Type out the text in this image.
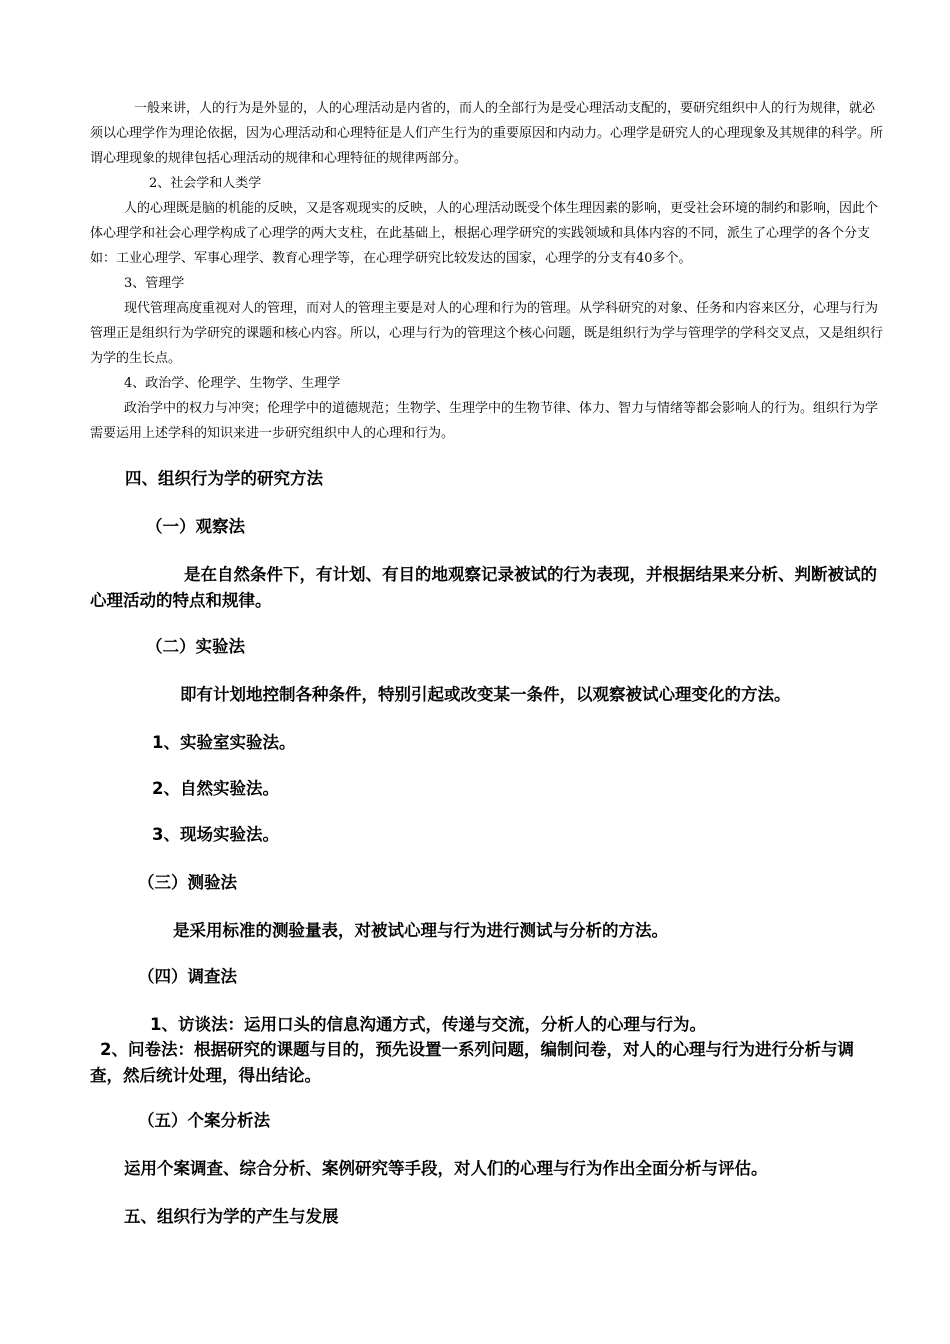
一般来讲，人的行为是外显的，人的心理活动是内省的，而人的全部行为是受心理活动支配的，要研究组织中人的行为规律，就必须以心理学作为理论依据，因为心理活动和心理特征是人们产生行为的重要原因和内动力。心理学是研究人的心理现象及其规律的科学。所谓心理现象的规律包括心理活动的规律和心理特征的规律两部分。

2、社会学和人类学

人的心理既是脑的机能的反映，又是客观现实的反映，人的心理活动既受个体生理因素的影响，更受社会环境的制约和影响，因此个体心理学和社会心理学构成了心理学的两大支柱，在此基础上，根据心理学研究的实践领域和具体内容的不同，派生了心理学的各个分支如：工业心理学、军事心理学、教育心理学等，在心理学研究比较发达的国家，心理学的分支有40多个。

3、管理学

现代管理高度重视对人的管理，而对人的管理主要是对人的心理和行为的管理。从学科研究的对象、任务和内容来区分，心理与行为管理正是组织行为学研究的课题和核心内容。所以，心理与行为的管理这个核心问题，既是组织行为学与管理学的学科交叉点，又是组织行为学的生长点。

4、政治学、伦理学、生物学、生理学

政治学中的权力与冲突；伦理学中的道德规范；生物学、生理学中的生物节律、体力、智力与情绪等都会影响人的行为。组织行为学需要运用上述学科的知识来进一步研究组织中人的心理和行为。

四、组织行为学的研究方法

（一）观察法

是在自然条件下，有计划、有目的地观察记录被试的行为表现，并根据结果来分析、判断被试的心理活动的特点和规律。

（二）实验法

即有计划地控制各种条件，特别引起或改变某一条件，以观察被试心理变化的方法。

1、实验室实验法。

2、自然实验法。

3、现场实验法。

（三）测验法

是采用标准的测验量表，对被试心理与行为进行测试与分析的方法。

（四）调查法

1、访谈法：运用口头的信息沟通方式，传递与交流，分析人的心理与行为。

2、问卷法：根据研究的课题与目的，预先设置一系列问题，编制问卷，对人的心理与行为进行分析与调查，然后统计处理，得出结论。

（五）个案分析法

运用个案调查、综合分析、案例研究等手段，对人们的心理与行为作出全面分析与评估。

五、组织行为学的产生与发展
